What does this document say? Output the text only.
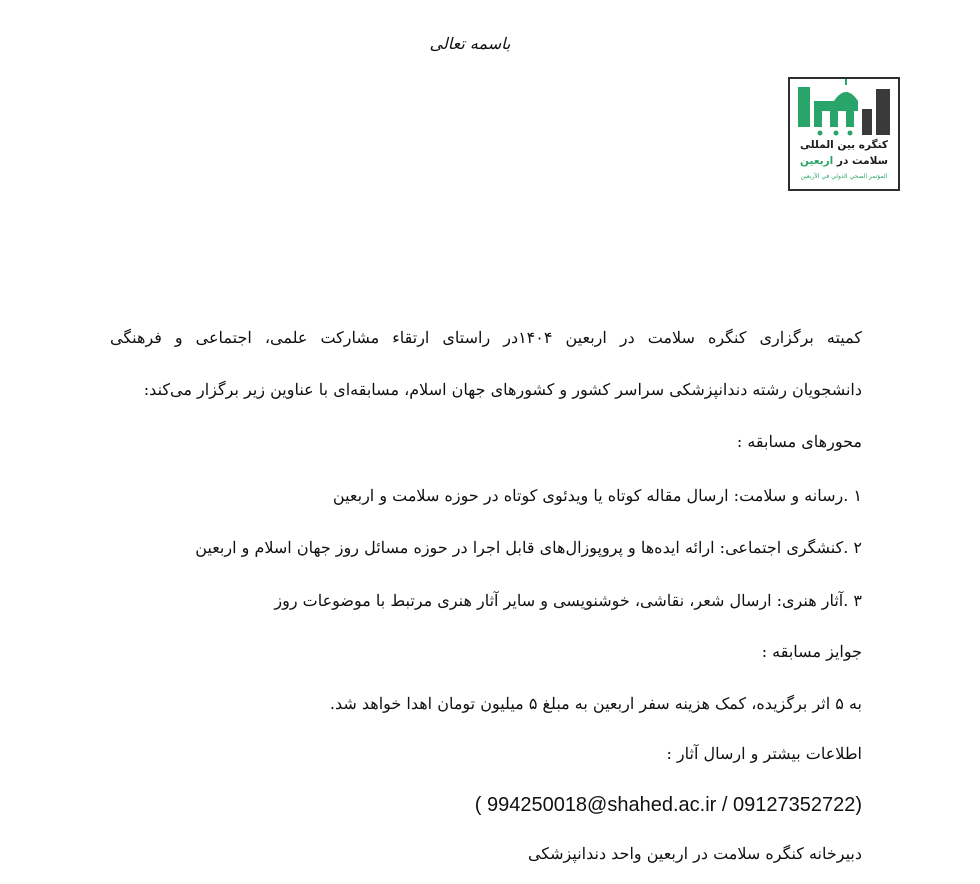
باسمه تعالی
کنگره بین المللی
سلامت در اربعین
المؤتمر الصحي الدولي في الأربعين
کمیته برگزاری کنگره سلامت در اربعین ۱۴۰۴در راستای ارتقاء مشارکت علمی، اجتماعی و فرهنگی
دانشجویان رشته دندانپزشکی سراسر کشور و کشورهای جهان اسلام، مسابقه‌ای با عناوین زیر برگزار می‌کند:
محورهای مسابقه :
۱ .رسانه و سلامت: ارسال مقاله کوتاه یا ویدئوی کوتاه در حوزه سلامت و اربعین
۲ .کنشگری اجتماعی: ارائه ایده‌ها و پروپوزال‌های قابل اجرا در حوزه مسائل روز جهان اسلام و اربعین
۳ .آثار هنری: ارسال شعر، نقاشی، خوشنویسی و سایر آثار هنری مرتبط با موضوعات روز
جوایز مسابقه :
به ۵ اثر برگزیده، کمک هزینه سفر اربعین به مبلغ ۵ میلیون تومان اهدا خواهد شد.
اطلاعات بیشتر و ارسال آثار :
( 994250018@shahed.ac.ir / 09127352722)
دبیرخانه کنگره سلامت در اربعین واحد دندانپزشکی
